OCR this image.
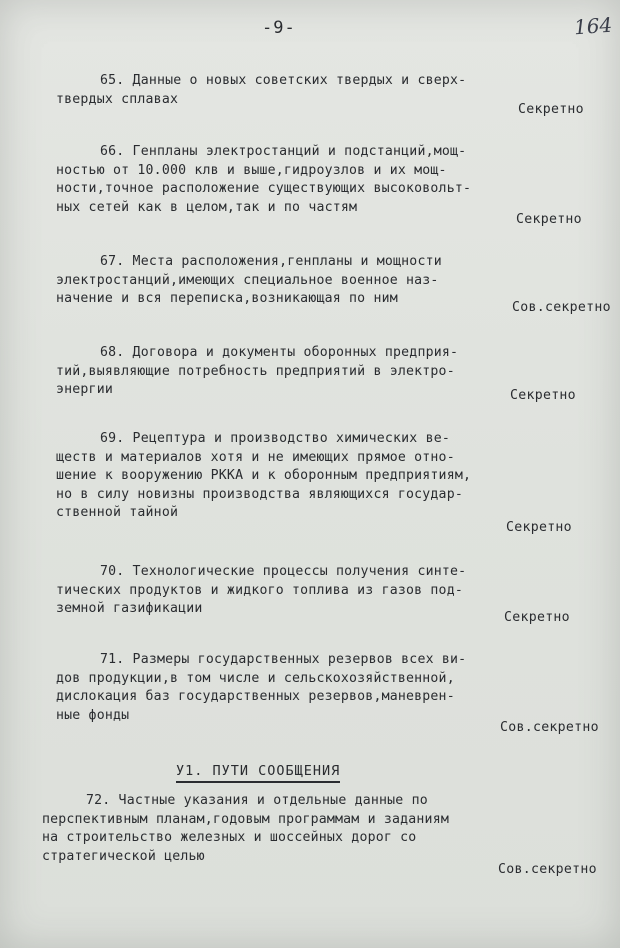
-9-	164
65. Данные о новых советских твердых и сверх-
твердых сплавах
Секретно
66. Генпланы электростанций и подстанций,мощ-
ностью от 10.000 клв и выше,гидроузлов и их мощ-
ности,точное расположение существующих высоковольт-
ных сетей как в целом,так и по частям
Секретно
67. Места расположения,генпланы и мощности
электростанций,имеющих специальное военное наз-
начение и вся переписка,возникающая по ним
Сов.секретно
68. Договора и документы оборонных предприя-
тий,выявляющие потребность предприятий в электро-
энергии	Секретно
69. Рецептура и производство химических ве-
ществ и материалов хотя и не имеющих прямое отно-
шение к вооружению РККА и к оборонным предприятиям,
но в силу новизны производства являющихся государ-
ственной тайной
Секретно
70. Технологические процессы получения синте-
тических продуктов и жидкого топлива из газов под-
земной газификации
Секретно
71. Размеры государственных резервов всех ви-
дов продукции,в том числе и сельскохозяйственной,
дислокация баз государственных резервов,маневрен-
ные фонды
Сов.секретно
У1. ПУТИ СООБЩЕНИЯ
72. Частные указания и отдельные данные по
перспективным планам,годовым программам и заданиям
на строительство железных и шоссейных дорог со
стратегической целью
Сов.секретно
